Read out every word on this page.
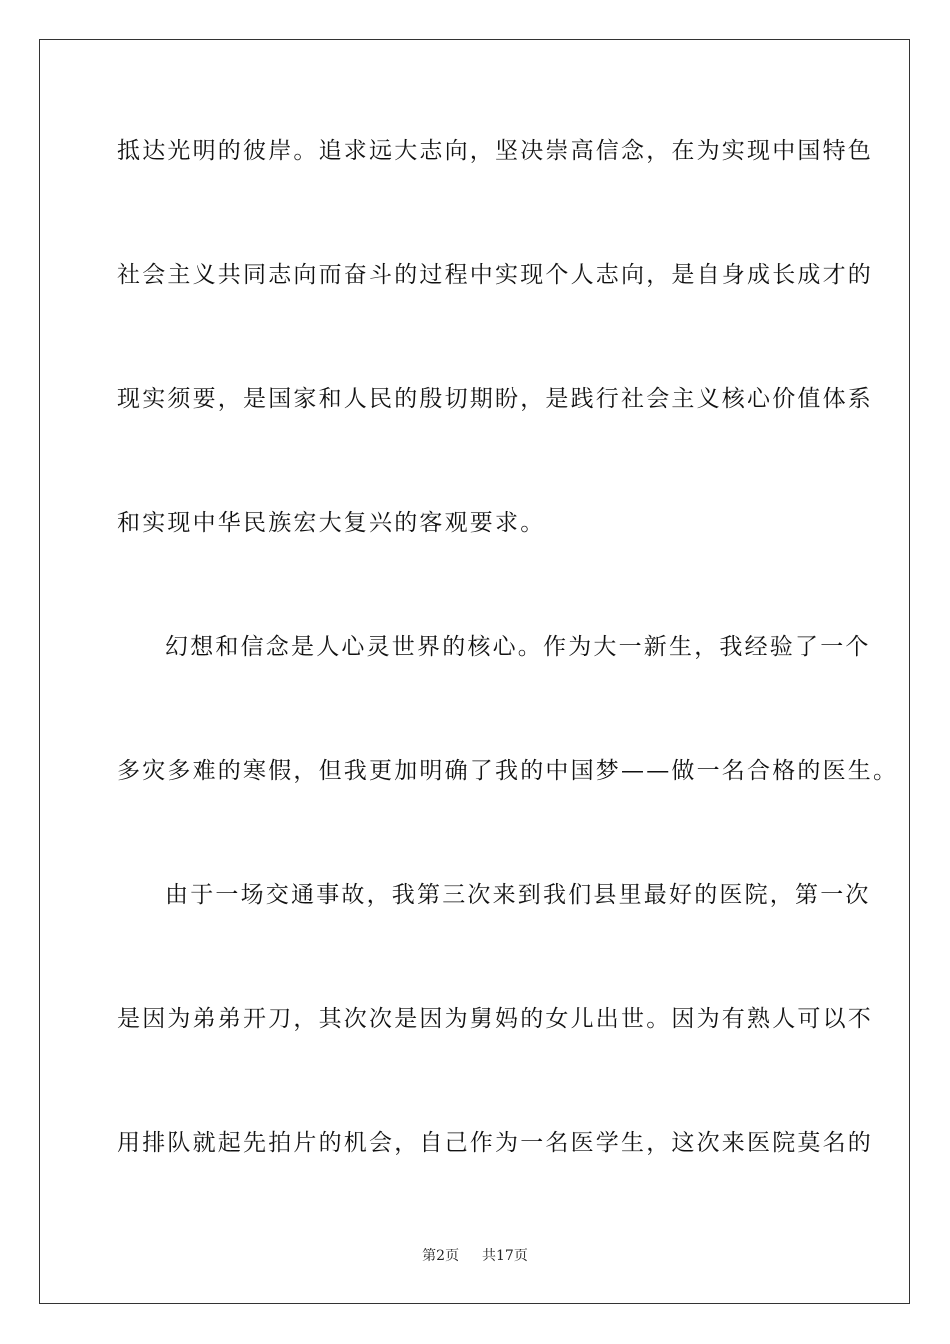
抵达光明的彼岸。追求远大志向，坚决崇高信念，在为实现中国特色
社会主义共同志向而奋斗的过程中实现个人志向，是自身成长成才的
现实须要，是国家和人民的殷切期盼，是践行社会主义核心价值体系
和实现中华民族宏大复兴的客观要求。
幻想和信念是人心灵世界的核心。作为大一新生，我经验了一个
多灾多难的寒假，但我更加明确了我的中国梦——做一名合格的医生。
由于一场交通事故，我第三次来到我们县里最好的医院，第一次
是因为弟弟开刀，其次次是因为舅妈的女儿出世。因为有熟人可以不
用排队就起先拍片的机会，自己作为一名医学生，这次来医院莫名的
第2页 共17页
